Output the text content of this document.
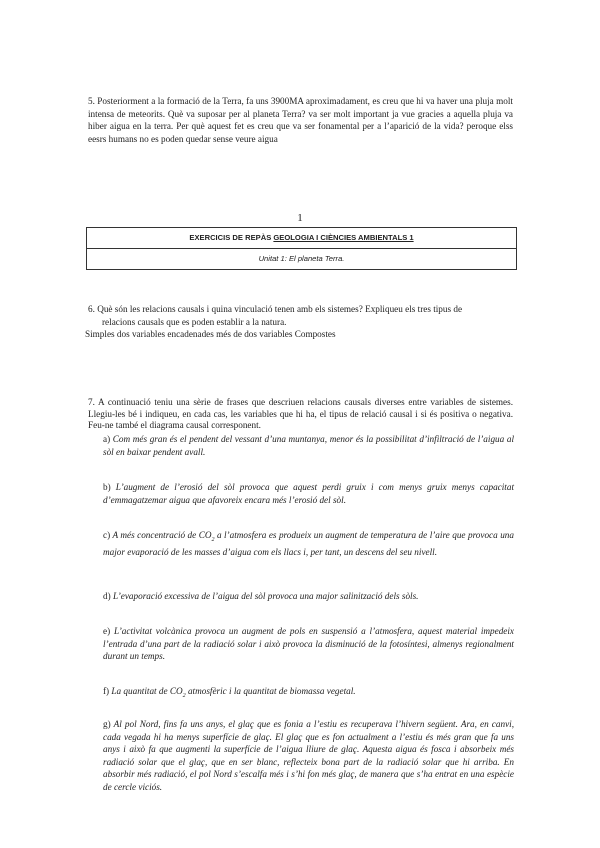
5. Posteriorment a la formació de la Terra, fa uns 3900MA aproximadament, es creu que hi va haver una pluja molt intensa de meteorits. Què va suposar per al planeta Terra? va ser molt important ja vue gracies a aquella pluja va hiber aigua en la terra. Per què aquest fet es creu que va ser fonamental per a l’aparició de la vida? peroque elss eesrs humans no es poden quedar sense veure aigua
1
EXERCICIS DE REPÀS GEOLOGIA I CIÈNCIES AMBIENTALS 1
Unitat 1: El planeta Terra.
6. Què són les relacions causals i quina vinculació tenen amb els sistemes? Expliqueu els tres tipus de
relacions causals que es poden establir a la natura.
Simples dos variables encadenades més de dos variables Compostes
7. A continuació teniu una sèrie de frases que descriuen relacions causals diverses entre variables de sistemes. Llegiu-les bé i indiqueu, en cada cas, les variables que hi ha, el tipus de relació causal i si és positiva o negativa. Feu-ne també el diagrama causal corresponent.
a) Com més gran és el pendent del vessant d’una muntanya, menor és la possibilitat d’infiltració de l’aigua al sòl en baixar pendent avall.
b) L’augment de l’erosió del sòl provoca que aquest perdi gruix i com menys gruix menys capacitat d’emmagatzemar aigua que afavoreix encara més l’erosió del sòl.
c) A més concentració de $CO_2$ a l’atmosfera es produeix un augment de temperatura de l’aire que provoca una major evaporació de les masses d’aigua com els llacs i, per tant, un descens del seu nivell.
d) L’evaporació excessiva de l’aigua del sòl provoca una major salinització dels sòls.
e) L’activitat volcànica provoca un augment de pols en suspensió a l’atmosfera, aquest material impedeix l’entrada d’una part de la radiació solar i això provoca la disminució de la fotosíntesi, almenys regionalment durant un temps.
f) La quantitat de $CO_2$ atmosfèric i la quantitat de biomassa vegetal.
g) Al pol Nord, fins fa uns anys, el glaç que es fonia a l’estiu es recuperava l’hivern següent. Ara, en canvi, cada vegada hi ha menys superfície de glaç. El glaç que es fon actualment a l’estiu és més gran que fa uns anys i això fa que augmenti la superfície de l’aigua lliure de glaç. Aquesta aigua és fosca i absorbeix més radiació solar que el glaç, que en ser blanc, reflecteix bona part de la radiació solar que hi arriba. En absorbir més radiació, el pol Nord s’escalfa més i s’hi fon més glaç, de manera que s’ha entrat en una espècie de cercle viciós.
